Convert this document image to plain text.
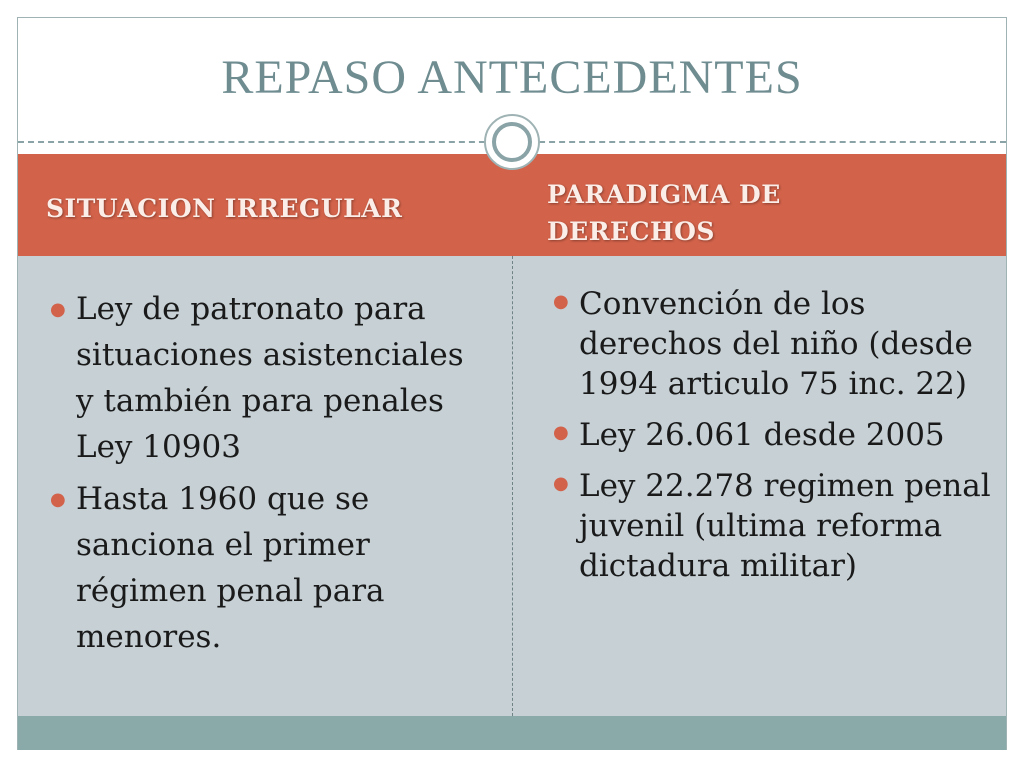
REPASO ANTECEDENTES
SITUACION IRREGULAR	PARADIGMA DE
DERECHOS
● Ley de patronato para situaciones asistenciales y también para penales Ley 10903
● Hasta 1960 que se sanciona el primer régimen penal para menores.
● Convención de los derechos del niño (desde 1994 articulo 75 inc. 22)
● Ley 26.061 desde 2005
● Ley 22.278 regimen penal juvenil (ultima reforma dictadura militar)
